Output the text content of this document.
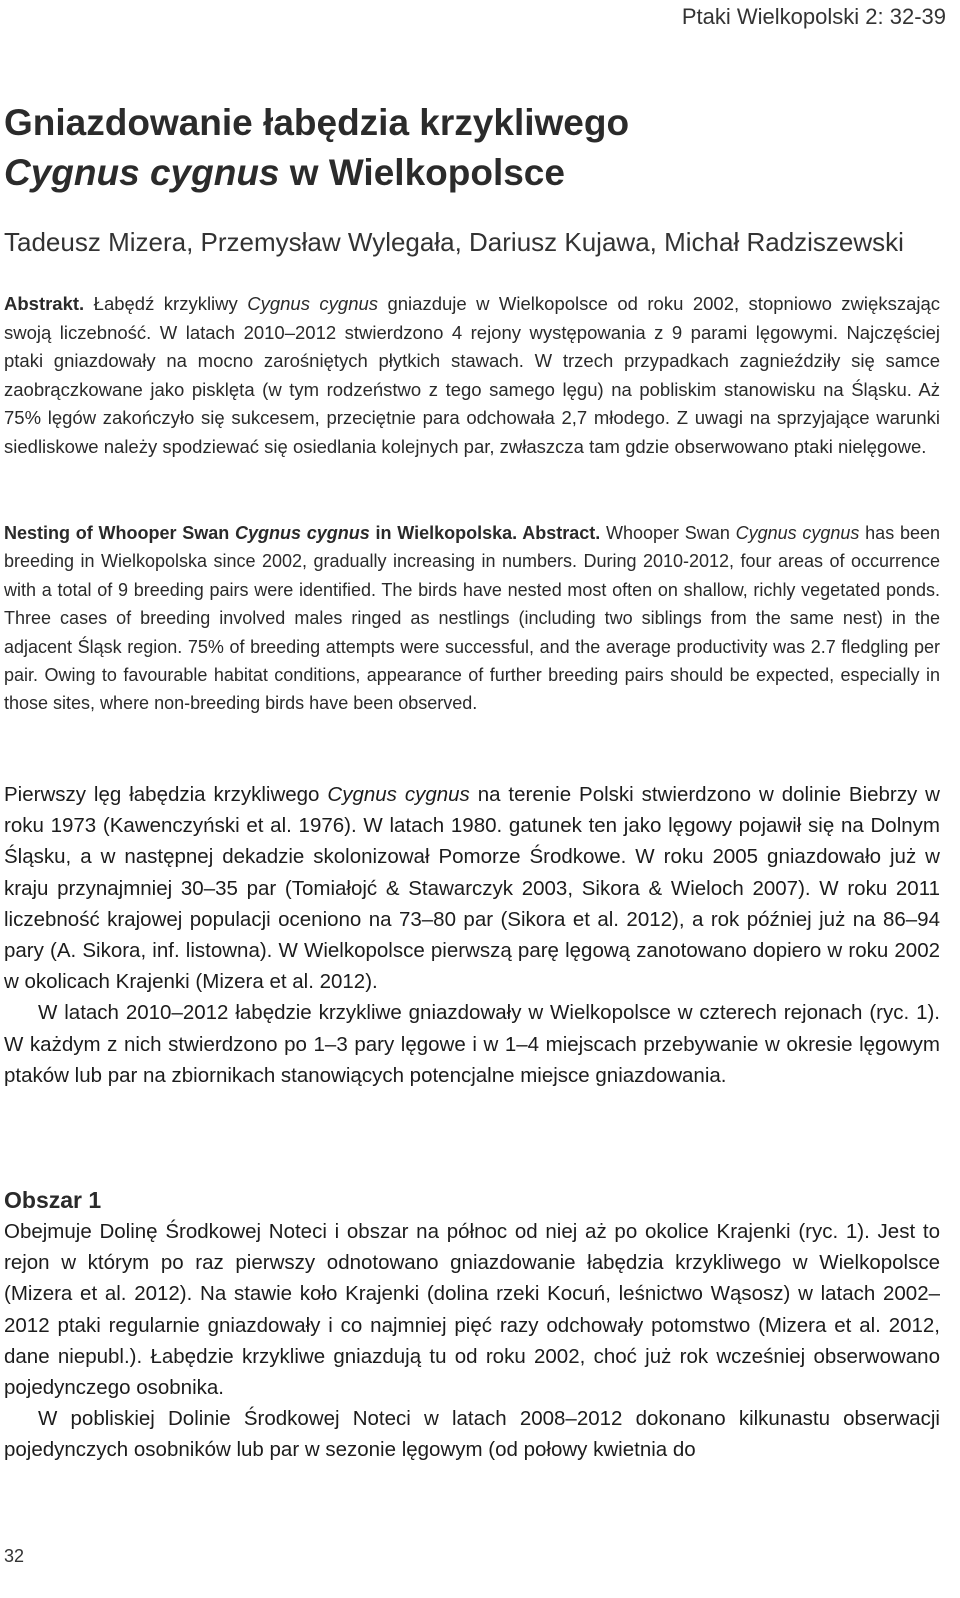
Ptaki Wielkopolski 2: 32-39
Gniazdowanie łabędzia krzykliwego
Cygnus cygnus w Wielkopolsce
Tadeusz Mizera, Przemysław Wylegała, Dariusz Kujawa, Michał Radziszewski
Abstrakt. Łabędź krzykliwy Cygnus cygnus gniazduje w Wielkopolsce od roku 2002, stopniowo zwiększając swoją liczebność. W latach 2010–2012 stwierdzono 4 rejony występowania z 9 parami lęgowymi. Najczęściej ptaki gniazdowały na mocno zarośniętych płytkich stawach. W trzech przypadkach zagnieździły się samce zaobrączkowane jako pisklęta (w tym rodzeństwo z tego samego lęgu) na pobliskim stanowisku na Śląsku. Aż 75% lęgów zakończyło się sukcesem, przeciętnie para odchowała 2,7 młodego. Z uwagi na sprzyjające warunki siedliskowe należy spodziewać się osiedlania kolejnych par, zwłaszcza tam gdzie obserwowano ptaki nielęgowe.
Nesting of Whooper Swan Cygnus cygnus in Wielkopolska. Abstract. Whooper Swan Cygnus cygnus has been breeding in Wielkopolska since 2002, gradually increasing in numbers. During 2010-2012, four areas of occurrence with a total of 9 breeding pairs were identified. The birds have nested most often on shallow, richly vegetated ponds. Three cases of breeding involved males ringed as nestlings (including two siblings from the same nest) in the adjacent Śląsk region. 75% of breeding attempts were successful, and the average productivity was 2.7 fledgling per pair. Owing to favourable habitat conditions, appearance of further breeding pairs should be expected, especially in those sites, where non-breeding birds have been observed.

Pierwszy lęg łabędzia krzykliwego Cygnus cygnus na terenie Polski stwierdzono w dolinie Biebrzy w roku 1973 (Kawenczyński et al. 1976). W latach 1980. gatunek ten jako lęgowy pojawił się na Dolnym Śląsku, a w następnej dekadzie skolonizował Pomorze Środkowe. W roku 2005 gniazdowało już w kraju przynajmniej 30–35 par (Tomiałojć & Stawarczyk 2003, Sikora & Wieloch 2007). W roku 2011 liczebność krajowej populacji oceniono na 73–80 par (Sikora et al. 2012), a rok później już na 86–94 pary (A. Sikora, inf. listowna). W Wielkopolsce pierwszą parę lęgową zanotowano dopiero w roku 2002 w okolicach Krajenki (Mizera et al. 2012).

W latach 2010–2012 łabędzie krzykliwe gniazdowały w Wielkopolsce w czterech rejonach (ryc. 1). W każdym z nich stwierdzono po 1–3 pary lęgowe i w 1–4 miejscach przebywanie w okresie lęgowym ptaków lub par na zbiornikach stanowiących potencjalne miejsce gniazdowania.

Obszar 1

Obejmuje Dolinę Środkowej Noteci i obszar na północ od niej aż po okolice Krajenki (ryc. 1). Jest to rejon w którym po raz pierwszy odnotowano gniazdowanie łabędzia krzykliwego w Wielkopolsce (Mizera et al. 2012). Na stawie koło Krajenki (dolina rzeki Kocuń, leśnictwo Wąsosz) w latach 2002–2012 ptaki regularnie gniazdowały i co najmniej pięć razy odchowały potomstwo (Mizera et al. 2012, dane niepubl.). Łabędzie krzykliwe gniazdują tu od roku 2002, choć już rok wcześniej obserwowano pojedynczego osobnika.

W pobliskiej Dolinie Środkowej Noteci w latach 2008–2012 dokonano kilkunastu obserwacji pojedynczych osobników lub par w sezonie lęgowym (od połowy kwietnia do

32
